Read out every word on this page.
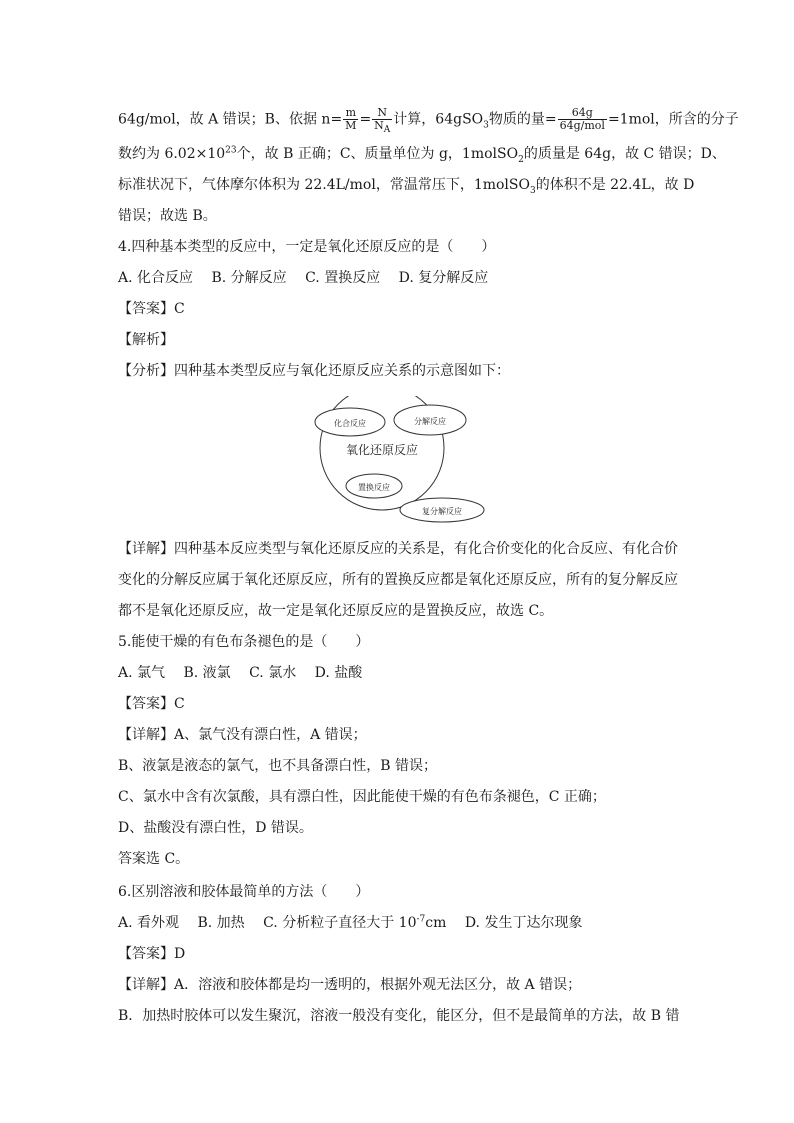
64g/mol，故 A 错误；B、依据 $n= \frac{m}{M} = \frac{N}{N_A}$ 计算，64gSO$_3$物质的量= $\frac{64g}{\text{64g/mol}} =1mol$，所含的分子
数约为 $6.02\times 10^{23}$个，故 B 正确；C、质量单位为 g，1molSO$_2$的质量是 64g，故 C 错误；D、
标准状况下，气体摩尔体积为 22.4L/mol，常温常压下，1molSO$_3$的体积不是 22.4L，故 D
错误；故选 B。
4.四种基本类型的反应中，一定是氧化还原反应的是（　　）
A. 化合反应　 B. 分解反应　 C. 置换反应　 D. 复分解反应
【答案】C
【解析】
【分析】四种基本类型反应与氧化还原反应关系的示意图如下：
氧化还原反应
化合反应	分解反应
置换反应
复分解反应
【详解】四种基本反应类型与氧化还原反应的关系是，有化合价变化的化合反应、有化合价
变化的分解反应属于氧化还原反应，所有的置换反应都是氧化还原反应，所有的复分解反应
都不是氧化还原反应，故一定是氧化还原反应的是置换反应，故选 C。
5.能使干燥的有色布条褪色的是（　　）
A. 氯气　 B. 液氯　 C. 氯水　 D. 盐酸
【答案】C
【详解】A、氯气没有漂白性，A 错误；
B、液氯是液态的氯气，也不具备漂白性，B 错误；
C、氯水中含有次氯酸，具有漂白性，因此能使干燥的有色布条褪色，C 正确；
D、盐酸没有漂白性，D 错误。
答案选 C。
6.区别溶液和胶体最简单的方法（　　）
A. 看外观　 B. 加热　 C. 分析粒子直径大于 $10^{-7}cm$　 D. 发生丁达尔现象
【答案】D
【详解】A．溶液和胶体都是均一透明的，根据外观无法区分，故 A 错误；
B．加热时胶体可以发生聚沉，溶液一般没有变化，能区分，但不是最简单的方法，故 B 错
